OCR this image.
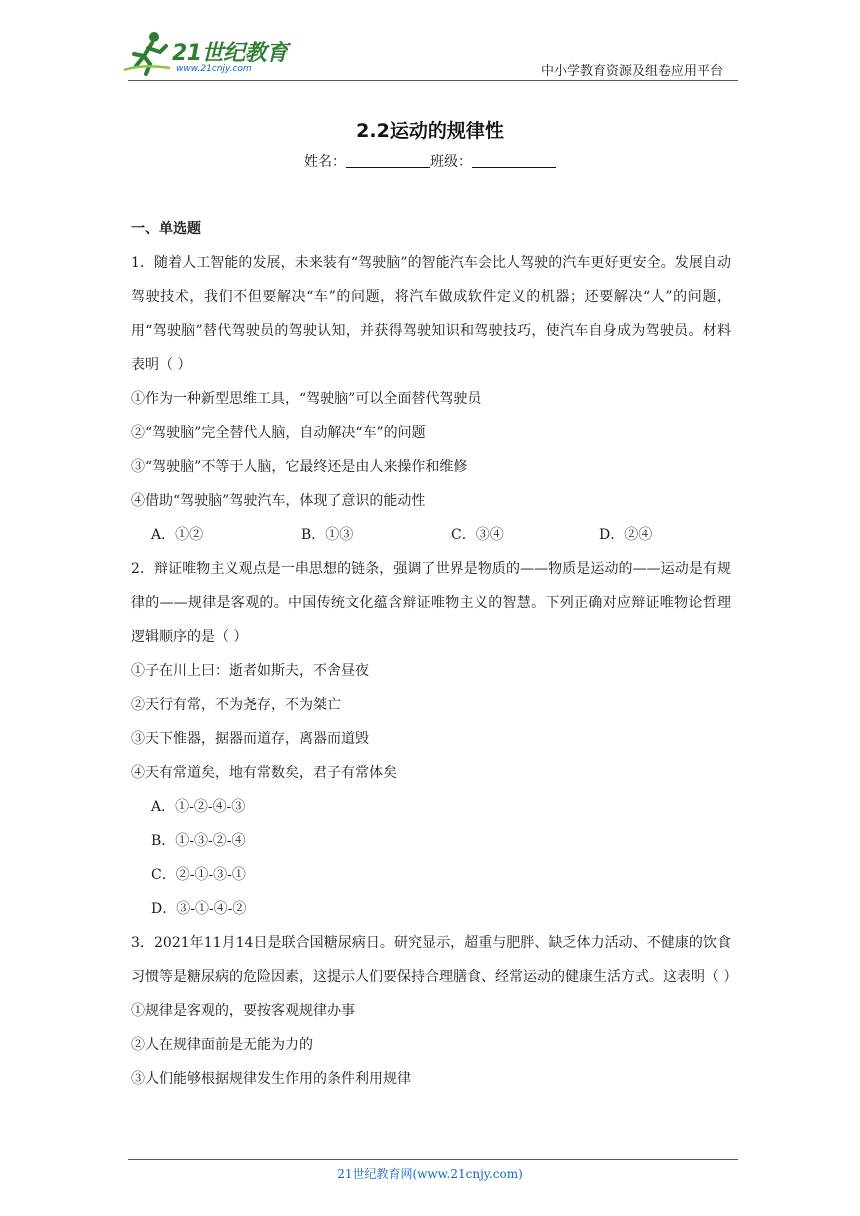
21世纪教育
www.21cnjy.com	中小学教育资源及组卷应用平台
2.2运动的规律性
姓名：	班级：
一、单选题

1．随着人工智能的发展，未来装有“驾驶脑”的智能汽车会比人驾驶的汽车更好更安全。发展自动驾驶技术，我们不但要解决“车”的问题，将汽车做成软件定义的机器；还要解决“人”的问题，用“驾驶脑”替代驾驶员的驾驶认知，并获得驾驶知识和驾驶技巧，使汽车自身成为驾驶员。材料表明（ ）

①作为一种新型思维工具，“驾驶脑”可以全面替代驾驶员

②“驾驶脑”完全替代人脑，自动解决“车”的问题

③“驾驶脑”不等于人脑，它最终还是由人来操作和维修

④借助“驾驶脑”驾驶汽车，体现了意识的能动性

A．①②	B．①③	C．③④	D．②④

2．辩证唯物主义观点是一串思想的链条，强调了世界是物质的——物质是运动的——运动是有规律的——规律是客观的。中国传统文化蕴含辩证唯物主义的智慧。下列正确对应辩证唯物论哲理逻辑顺序的是（ ）

①子在川上曰：逝者如斯夫，不舍昼夜

②天行有常，不为尧存，不为桀亡

③天下惟器，据器而道存，离器而道毁

④天有常道矣，地有常数矣，君子有常体矣

A．①-②-④-③

B．①-③-②-④

C．②-①-③-①

D．③-①-④-②

3．2021年11月14日是联合国糖尿病日。研究显示，超重与肥胖、缺乏体力活动、不健康的饮食习惯等是糖尿病的危险因素，这提示人们要保持合理膳食、经常运动的健康生活方式。这表明（ ）

①规律是客观的，要按客观规律办事

②人在规律面前是无能为力的

③人们能够根据规律发生作用的条件利用规律

21世纪教育网(www.21cnjy.com)
